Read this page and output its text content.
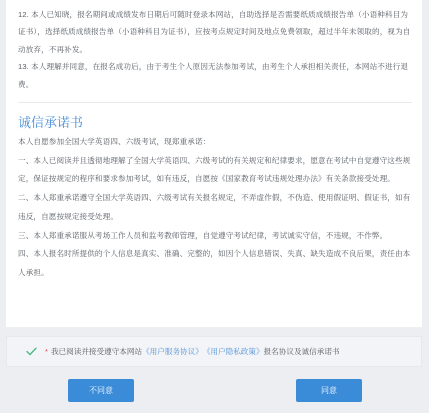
12. 本人已知晓，报名期间或成绩发布日期后可随时登录本网站，自助选择是否需要纸质成绩报告单（小语种科目为证书），选择纸质成绩报告单（小语种科目为证书），应按考点规定时间及地点免费领取，超过半年未领取的，视为自动放弃，不再补发。

13. 本人理解并同意，在报名成功后，由于考生个人原因无法参加考试，由考生个人承担相关责任，本网站不进行退费。

诚信承诺书

本人自愿参加全国大学英语四、六级考试，现郑重承诺：

一、本人已阅读并且透彻地理解了全国大学英语四、六级考试的有关规定和纪律要求，愿意在考试中自觉遵守这些规定，保证按规定的程序和要求参加考试，如有违反，自愿按《国家教育考试违规处理办法》有关条款接受处理。

二、本人郑重承诺遵守全国大学英语四、六级考试有关报名规定，不弄虚作假，不伪造、使用假证明、假证书，如有违反，自愿按规定接受处理。

三、本人郑重承诺服从考场工作人员和监考教师管理，自觉遵守考试纪律，考试诚实守信，不违规，不作弊。

四、本人报名时所提供的个人信息是真实、准确、完整的，如因个人信息错误、失真、缺失造成不良后果，责任由本人承担。

* 我已阅读并接受遵守本网站 《用户服务协议》 《用户隐私政策》 报名协议及诚信承诺书
不同意	同意
